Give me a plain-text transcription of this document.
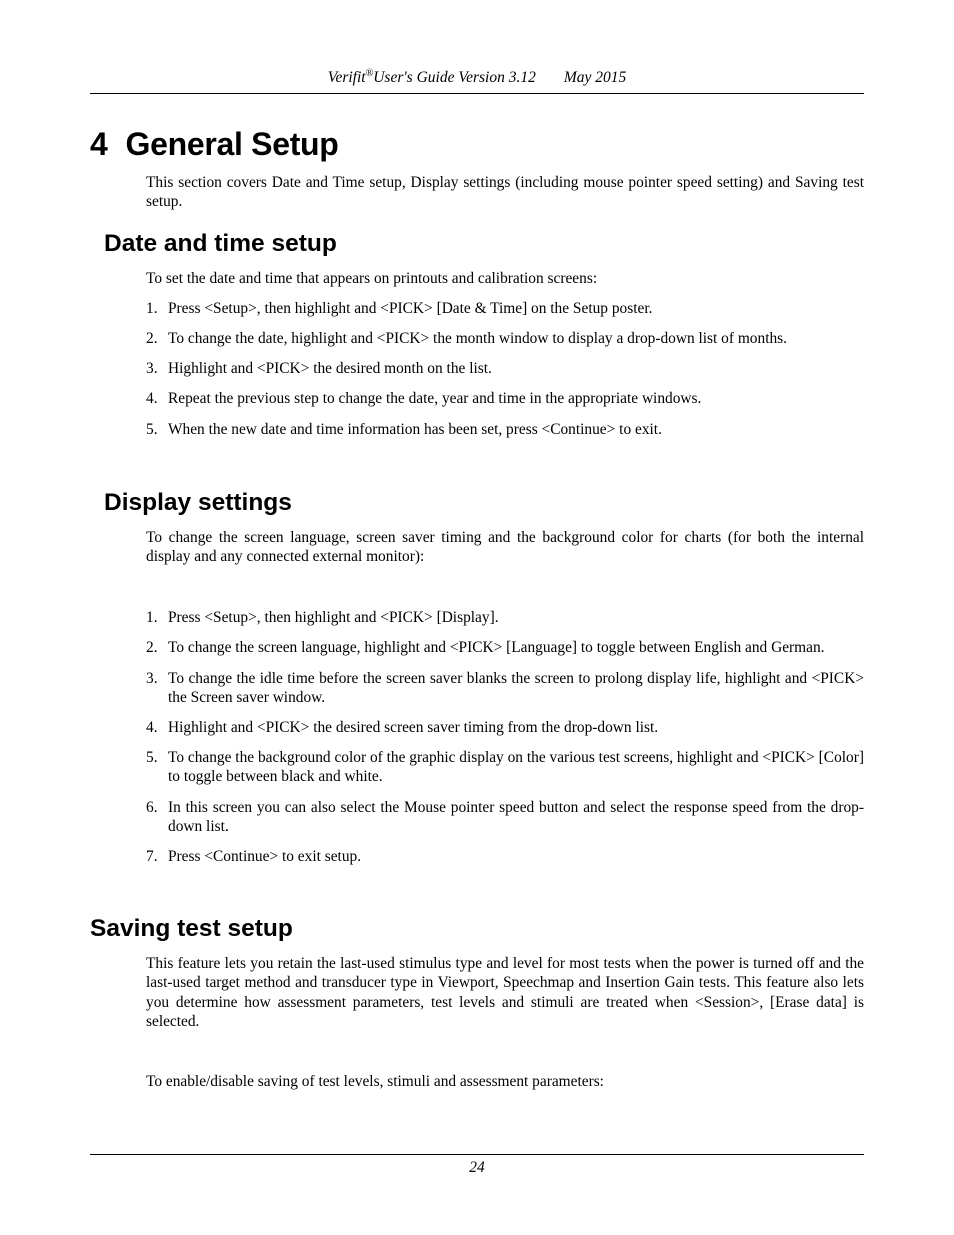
Verifit®User's Guide Version 3.12 May 2015
4 General Setup

This section covers Date and Time setup, Display settings (including mouse pointer speed setting) and Saving test setup.

Date and time setup

To set the date and time that appears on printouts and calibration screens:

1. Press <Setup>, then highlight and <PICK> [Date & Time] on the Setup poster.
2. To change the date, highlight and <PICK> the month window to display a drop-down list of months.
3. Highlight and <PICK> the desired month on the list.
4. Repeat the previous step to change the date, year and time in the appropriate windows.
5. When the new date and time information has been set, press <Continue> to exit.
Display settings

To change the screen language, screen saver timing and the background color for charts (for both the internal display and any connected external monitor):

1. Press <Setup>, then highlight and <PICK> [Display].
2. To change the screen language, highlight and <PICK> [Language] to toggle between English and German.
3. To change the idle time before the screen saver blanks the screen to prolong display life, highlight and <PICK> the Screen saver window.
4. Highlight and <PICK> the desired screen saver timing from the drop-down list.
5. To change the background color of the graphic display on the various test screens, highlight and <PICK> [Color] to toggle between black and white.
6. In this screen you can also select the Mouse pointer speed button and select the response speed from the drop-down list.
7. Press <Continue> to exit setup.
Saving test setup

This feature lets you retain the last-used stimulus type and level for most tests when the power is turned off and the last-used target method and transducer type in Viewport, Speechmap and Insertion Gain tests. This feature also lets you determine how assessment parameters, test levels and stimuli are treated when <Session>, [Erase data] is selected.

To enable/disable saving of test levels, stimuli and assessment parameters:

24
